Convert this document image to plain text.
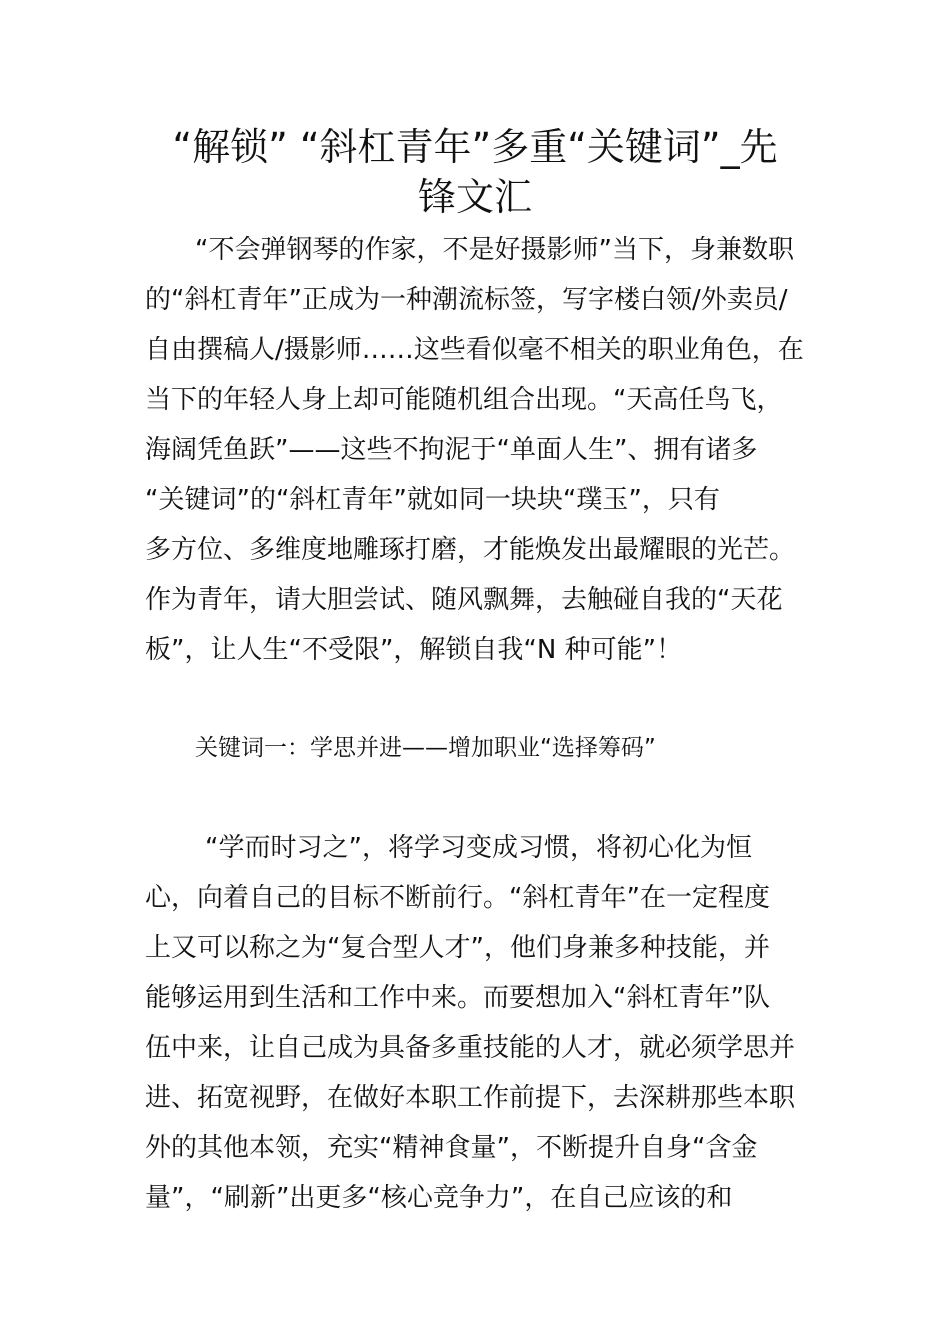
“解锁” “斜杠青年”多重“关键词”_先
锋文汇

“不会弹钢琴的作家，不是好摄影师”当下，身兼数职

的“斜杠青年”正成为一种潮流标签，写字楼白领/外卖员/

自由撰稿人/摄影师……这些看似毫不相关的职业角色，在

当下的年轻人身上却可能随机组合出现。“天高任鸟飞，

海阔凭鱼跃”——这些不拘泥于“单面人生”、拥有诸多

“关键词”的“斜杠青年”就如同一块块“璞玉”，只有

多方位、多维度地雕琢打磨，才能焕发出最耀眼的光芒。

作为青年，请大胆尝试、随风飘舞，去触碰自我的“天花

板”，让人生“不受限”，解锁自我“N 种可能”！

关键词一：学思并进——增加职业“选择筹码”

“学而时习之”，将学习变成习惯，将初心化为恒

心，向着自己的目标不断前行。“斜杠青年”在一定程度

上又可以称之为“复合型人才”，他们身兼多种技能，并

能够运用到生活和工作中来。而要想加入“斜杠青年”队

伍中来，让自己成为具备多重技能的人才，就必须学思并

进、拓宽视野，在做好本职工作前提下，去深耕那些本职

外的其他本领，充实“精神食量”，不断提升自身“含金

量”，“刷新”出更多“核心竞争力”，在自己应该的和
